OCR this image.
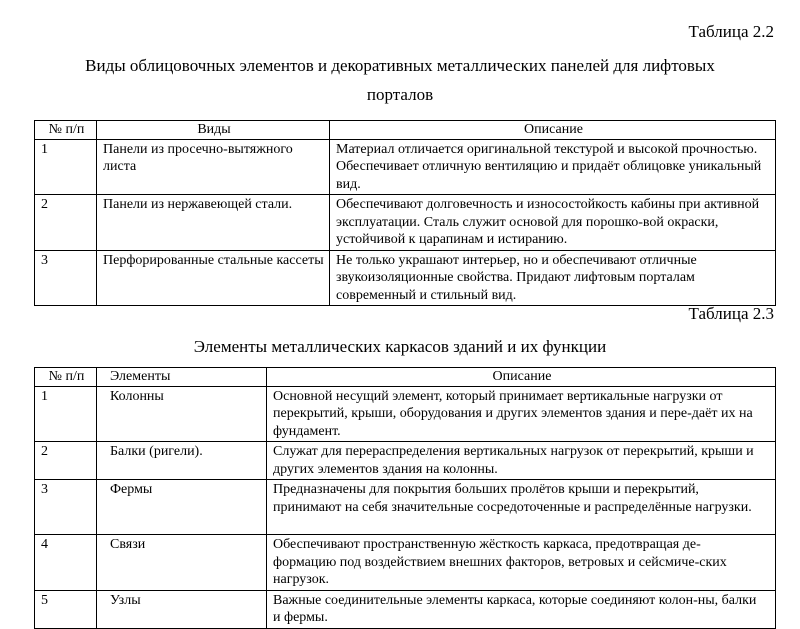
Таблица 2.2
Виды облицовочных элементов и декоративных металлических панелей для лифтовых
порталов
№ п/п	Виды	Описание
1	Панели из просечно-вытяжного листа	Материал отличается оригинальной текстурой и высокой прочностью. Обеспечивает отличную вентиляцию и придаёт облицовке уникальный вид.
2	Панели из нержавеющей стали.	Обеспечивают долговечность и износостойкость кабины при активной эксплуатации. Сталь служит основой для порошко-вой окраски, устойчивой к царапинам и истиранию.
3	Перфорированные стальные кассеты	Не только украшают интерьер, но и обеспечивают отличные звукоизоляционные свойства. Придают лифтовым порталам современный и стильный вид.
Таблица 2.3
Элементы металлических каркасов зданий и их функции
№ п/п	Элементы	Описание
1	Колонны	Основной несущий элемент, который принимает вертикальные нагрузки от перекрытий, крыши, оборудования и других элементов здания и пере-даёт их на фундамент.
2	Балки (ригели).	Служат для перераспределения вертикальных нагрузок от перекрытий, крыши и других элементов здания на колонны.
3	Фермы	Предназначены для покрытия больших пролётов крыши и перекрытий, принимают на себя значительные сосредоточенные и распределённые нагрузки.
4	Связи	Обеспечивают пространственную жёсткость каркаса, предотвращая де-формацию под воздействием внешних факторов, ветровых и сейсмиче-ских нагрузок.
5	Узлы	Важные соединительные элементы каркаса, которые соединяют колон-ны, балки и фермы.
